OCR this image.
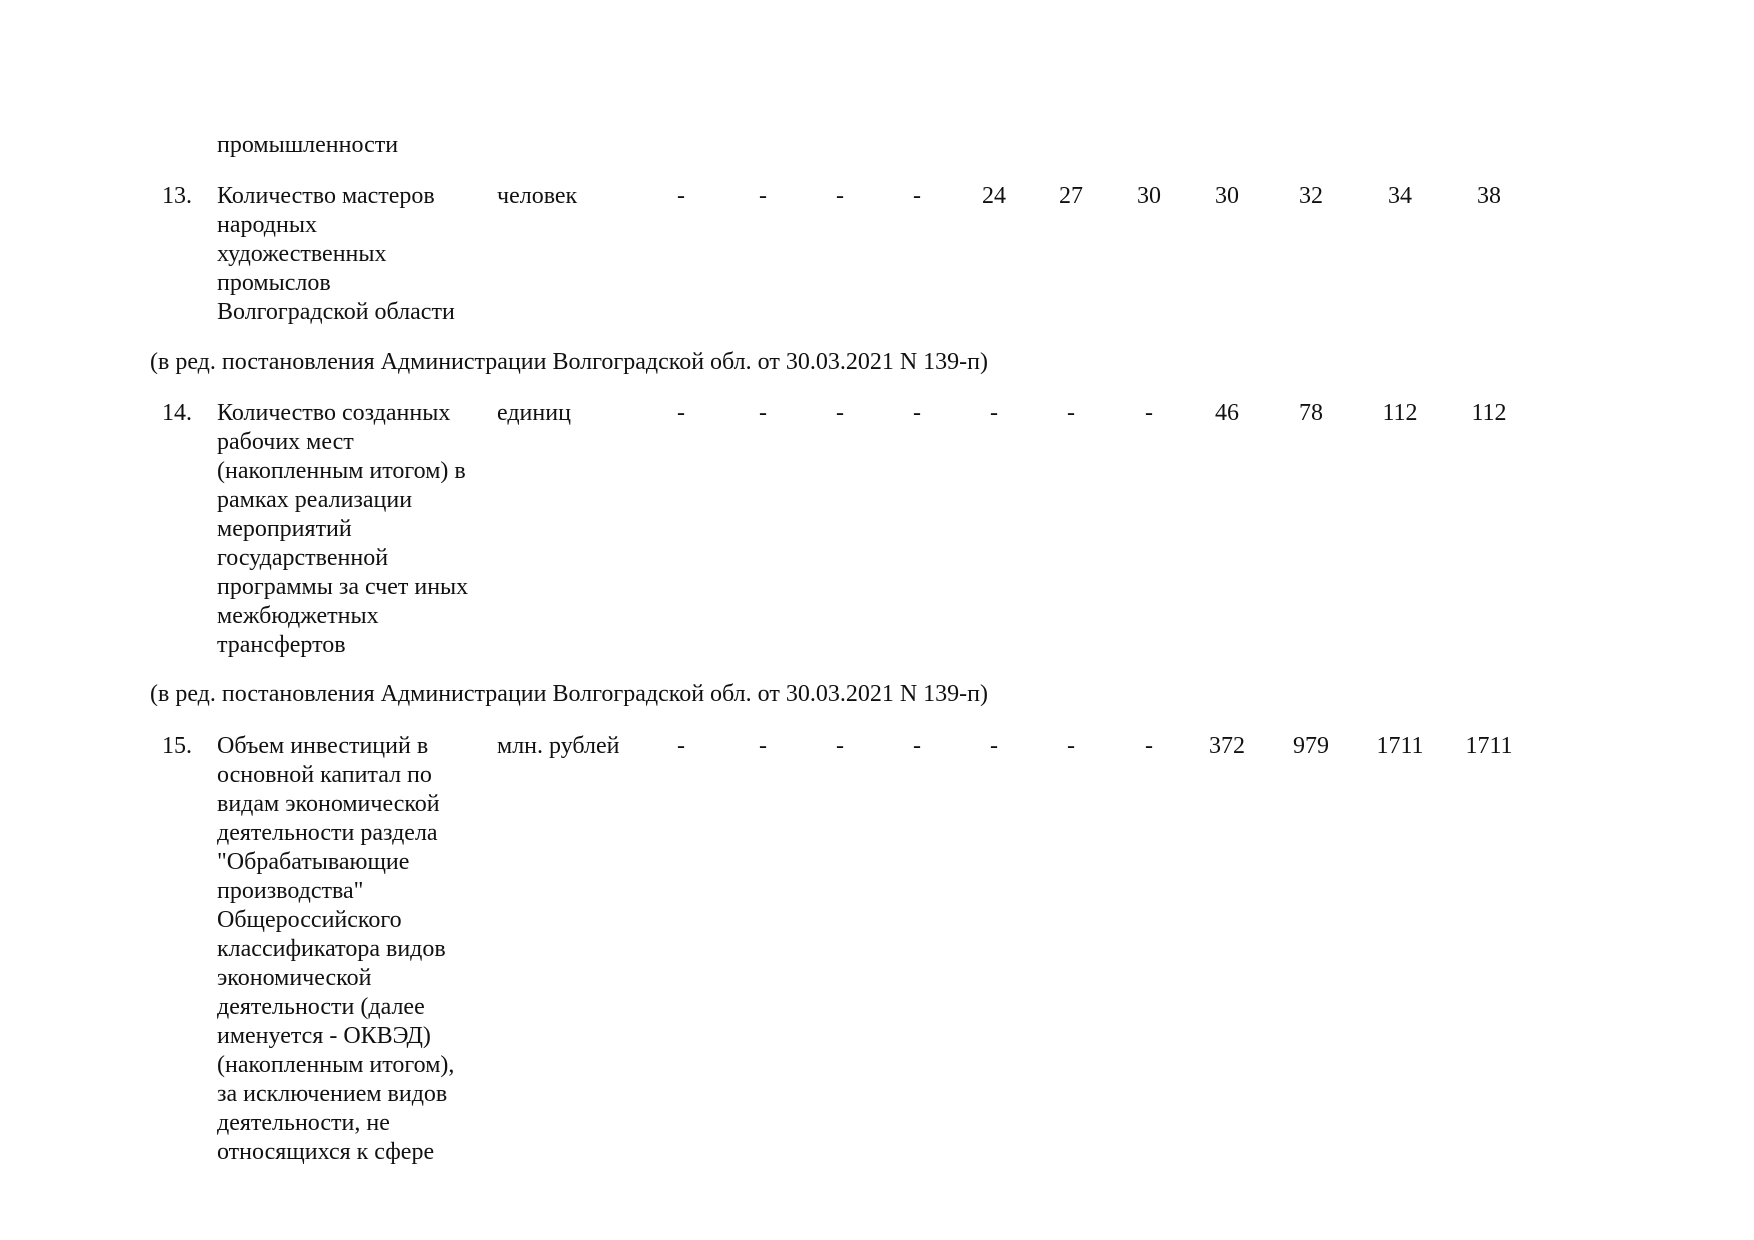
промышленности
13. Количество мастеров
народных
художественных
промыслов
Волгоградской области
человек	-	-	-	-	24 27 30 30	32	34	38
(в ред. постановления Администрации Волгоградской обл. от 30.03.2021 N 139-п)
14. Количество созданных
рабочих мест
(накопленным итогом) в
рамках реализации
мероприятий
государственной
программы за счет иных
межбюджетных
трансфертов
единиц	-	-	-	-	-	-	-	46	78 112 112
(в ред. постановления Администрации Волгоградской обл. от 30.03.2021 N 139-п)
15. Объем инвестиций в
основной капитал по
видам экономической
деятельности раздела
"Обрабатывающие
производства"
Общероссийского
классификатора видов
экономической
деятельности (далее
именуется - ОКВЭД)
(накопленным итогом),
за исключением видов
деятельности, не
относящихся к сфере
млн. рублей -	-	-	-	-	-	- 372 979 1711 1711
